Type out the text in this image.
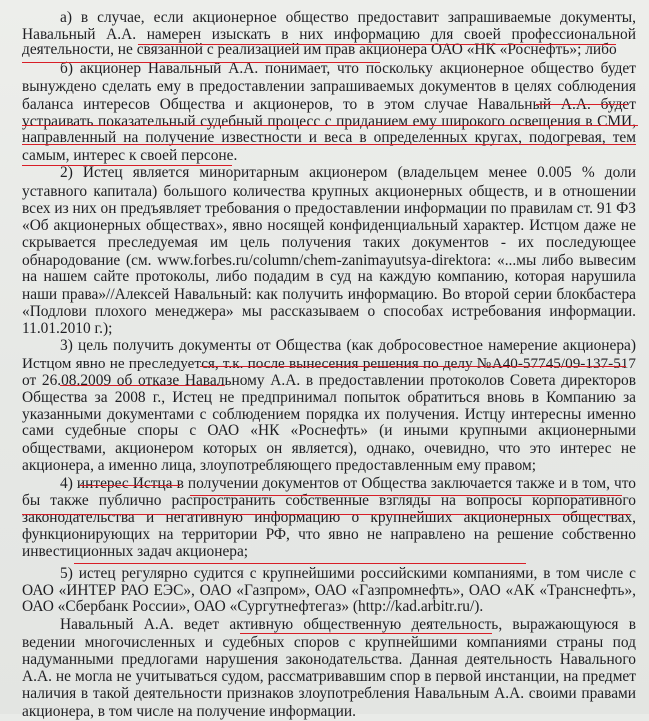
а) в случае, если акционерное общество предоставит запрашиваемые документы,
Навальный А.А. намерен изыскать в них информацию для своей профессиональной
деятельности, не связанной с реализацией им прав акционера ОАО «НК «Роснефть»; либо
б) акционер Навальный А.А. понимает, что поскольку акционерное общество будет
вынуждено сделать ему в предоставлении запрашиваемых документов в целях соблюдения
баланса интересов Общества и акционеров, то в этом случае Навальный А.А. будет
устраивать показательный судебный процесс с приданием ему широкого освещения в СМИ,
направленный на получение известности и веса в определенных кругах, подогревая, тем
самым, интерес к своей персоне.
2) Истец является миноритарным акционером (владельцем менее 0.005 % доли
уставного капитала) большого количества крупных акционерных обществ, и в отношении
всех из них он предъявляет требования о предоставлении информации по правилам ст. 91 ФЗ
«Об акционерных обществах», явно носящей конфиденциальный характер. Истцом даже не
скрывается преследуемая им цель получения таких документов - их последующее
обнародование (см. www.forbes.ru/column/chem-zanimayutsya-direktora: «...мы либо вывесим
на нашем сайте протоколы, либо подадим в суд на каждую компанию, которая нарушила
наши права»//Алексей Навальный: как получить информацию. Во второй серии блокбастера
«Подлови плохого менеджера» мы рассказываем о способах истребования информации.
11.01.2010 г.);
3) цель получить документы от Общества (как добросовестное намерение акционера)
Истцом явно не преследуется, т.к. после вынесения решения по делу №А40-57745/09-137-517
от 26.08.2009 об отказе Навальному А.А. в предоставлении протоколов Совета директоров
Общества за 2008 г., Истец не предпринимал попыток обратиться вновь в Компанию за
указанными документами с соблюдением порядка их получения. Истцу интересны именно
сами судебные споры с ОАО «НК «Роснефть» (и иными крупными акционерными
обществами, акционером которых он является), однако, очевидно, что это интерес не
акционера, а именно лица, злоупотребляющего предоставленным ему правом;
4) интерес Истца в получении документов от Общества заключается также и в том, что
бы также публично распространить собственные взгляды на вопросы корпоративного
законодательства и негативную информацию о крупнейших акционерных обществах,
функционирующих на территории РФ, что явно не направлено на решение собственно
инвестиционных задач акционера;
5) истец регулярно судится с крупнейшими российскими компаниями, в том числе с
ОАО «ИНТЕР РАО ЕЭС», ОАО «Газпром», ОАО «Газпромнефть», ОАО «АК «Транснефть»,
ОАО «Сбербанк России», ОАО «Сургутнефтегаз» (http://kad.arbitr.ru/).
Навальный А.А. ведет активную общественную деятельность, выражающуюся в
ведении многочисленных и судебных споров с крупнейшими компаниями страны под
надуманными предлогами нарушения законодательства. Данная деятельность Навального
А.А. не могла не учитываться судом, рассматривавшим спор в первой инстанции, на предмет
наличия в такой деятельности признаков злоупотребления Навальным А.А. своими правами
акционера, в том числе на получение информации.
